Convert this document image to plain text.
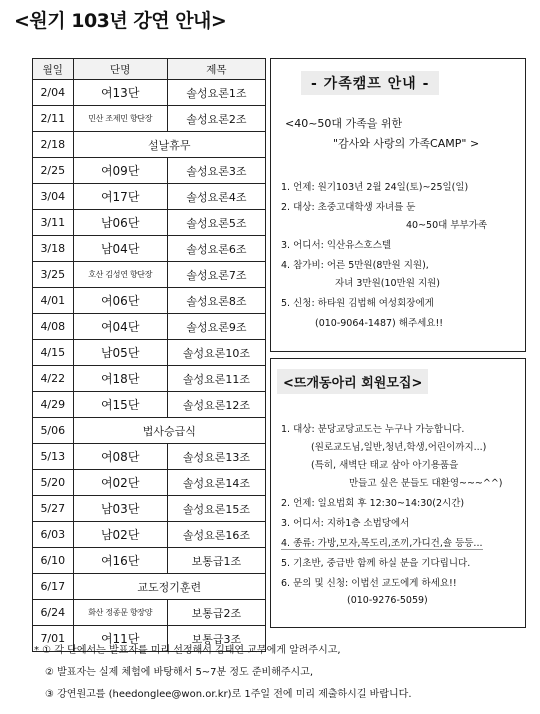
<원기 103년 강연 안내>
월일	단명	제목
2/04	여13단	솔성요론1조
2/11	민산 조제민 향단장	솔성요론2조
2/18	설날휴무	
2/25	여09단	솔성요론3조
3/04	여17단	솔성요론4조
3/11	남06단	솔성요론5조
3/18	남04단	솔성요론6조
3/25	호산 김성연 향단장	솔성요론7조
4/01	여06단	솔성요론8조
4/08	여04단	솔성요론9조
4/15	남05단	솔성요론10조
4/22	여18단	솔성요론11조
4/29	여15단	솔성요론12조
5/06	법사승급식	
5/13	여08단	솔성요론13조
5/20	여02단	솔성요론14조
5/27	남03단	솔성요론15조
6/03	남02단	솔성요론16조
6/10	여16단	보통급1조
6/17	교도정기훈련	
6/24	화산 정종문 향장양	보통급2조
7/01	여11단	보통급3조
- 가족캠프 안내 -
<40~50대 가족을 위한
"감사와 사랑의 가족CAMP" >
1. 언제: 원기103년 2월 24일(토)~25일(일)
2. 대상: 초중고대학생 자녀를 둔
40~50대 부부가족
3. 어디서: 익산유스호스텔
4. 참가비: 어른 5만원(8만원 지원),
자녀 3만원(10만원 지원)
5. 신청: 하타원 김법해 여성회장에게
(010-9064-1487) 해주세요!!
<뜨개동아리 회원모집>
1. 대상: 분당교당교도는 누구나 가능합니다.
(원로교도님,일반,청년,학생,어린이까지...)
(특히, 새벽단 태교 삼아 아기용품을
만들고 싶은 분들도 대환영~~~^^)
2. 언제: 일요법회 후 12:30~14:30(2시간)
3. 어디서: 지하1층 소법당에서
4. 종류: 가방,모자,목도리,조끼,가디건,숄 등등...
5. 기초반, 중급반 함께 하실 분을 기다립니다.
6. 문의 및 신청: 이법선 교도에게 하세요!!
(010-9276-5059)
* ① 각 단에서는 발표자를 미리 선정해서 김태연 교무에게 알려주시고,
② 발표자는 실제 체험에 바탕해서 5~7분 정도 준비해주시고,
③ 강연원고를 (heedonglee@won.or.kr)로 1주일 전에 미리 제출하시길 바랍니다.
